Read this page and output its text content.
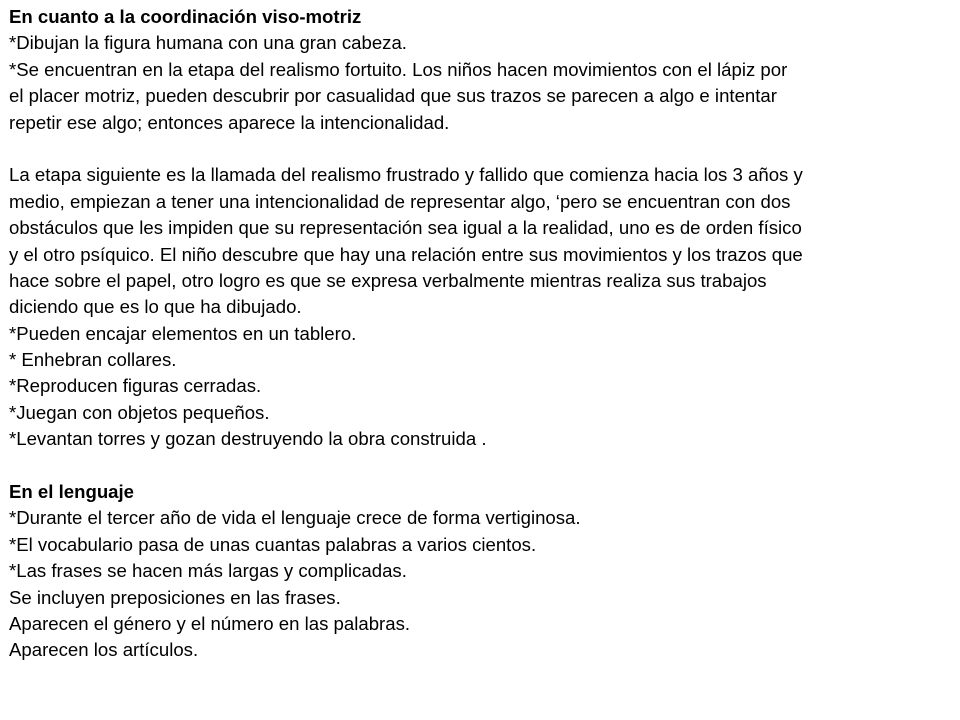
En cuanto a la coordinación viso-motriz
*Dibujan la figura humana con una gran cabeza.
*Se encuentran en la etapa del realismo fortuito. Los niños hacen movimientos con el lápiz por
el placer motriz, pueden descubrir por casualidad que sus trazos se parecen a algo e intentar
repetir ese algo; entonces aparece la intencionalidad.
La etapa siguiente es la llamada del realismo frustrado y fallido que comienza hacia los 3 años y
medio, empiezan a tener una intencionalidad de representar algo, ‘pero se encuentran con dos
obstáculos que les impiden que su representación sea igual a la realidad, uno es de orden físico
y el otro psíquico. El niño descubre que hay una relación entre sus movimientos y los trazos que
hace sobre el papel, otro logro es que se expresa verbalmente mientras realiza sus trabajos
diciendo que es lo que ha dibujado.
*Pueden encajar elementos en un tablero.
* Enhebran collares.
*Reproducen figuras cerradas.
*Juegan con objetos pequeños.
*Levantan torres y gozan destruyendo la obra construida .
En el lenguaje
*Durante el tercer año de vida el lenguaje crece de forma vertiginosa.
*El vocabulario pasa de unas cuantas palabras a varios cientos.
*Las frases se hacen más largas y complicadas.
Se incluyen preposiciones en las frases.
Aparecen el género y el número en las palabras.
Aparecen los artículos.
